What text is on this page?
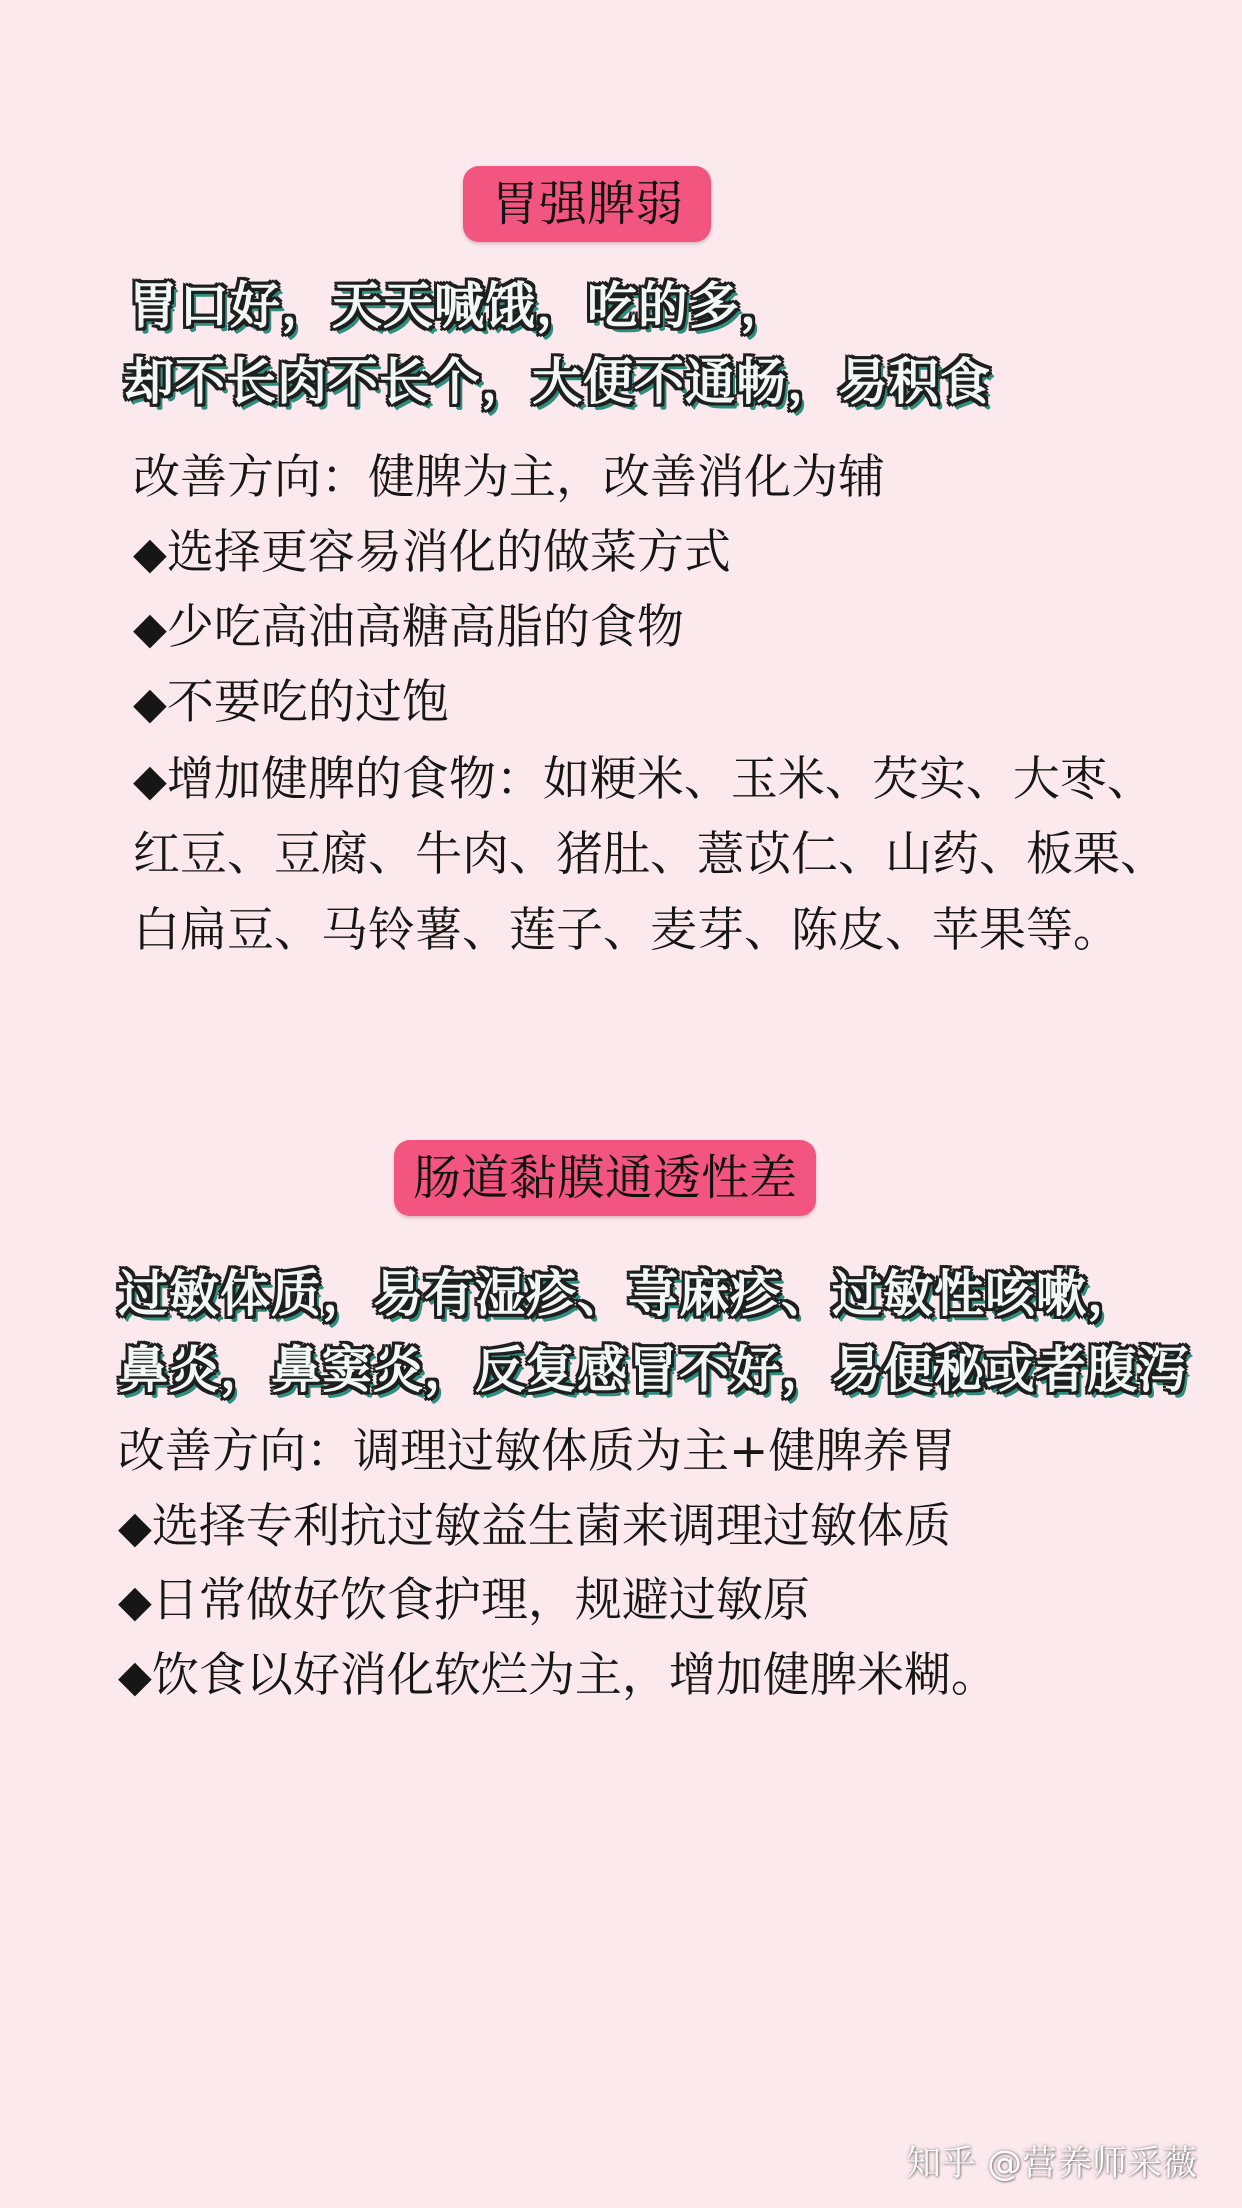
胃强脾弱

胃口好，天天喊饿，吃的多，

却不长肉不长个，大便不通畅，易积食

改善方向：健脾为主，改善消化为辅

◆选择更容易消化的做菜方式

◆少吃高油高糖高脂的食物

◆不要吃的过饱

◆增加健脾的食物：如粳米、玉米、芡实、大枣、

红豆、豆腐、牛肉、猪肚、薏苡仁、山药、板栗、

白扁豆、马铃薯、莲子、麦芽、陈皮、苹果等。

肠道黏膜通透性差

过敏体质，易有湿疹、荨麻疹、过敏性咳嗽，

鼻炎，鼻窦炎，反复感冒不好，易便秘或者腹泻

改善方向：调理过敏体质为主+健脾养胃

◆选择专利抗过敏益生菌来调理过敏体质

◆日常做好饮食护理，规避过敏原

◆饮食以好消化软烂为主，增加健脾米糊。

知乎 @营养师采薇
